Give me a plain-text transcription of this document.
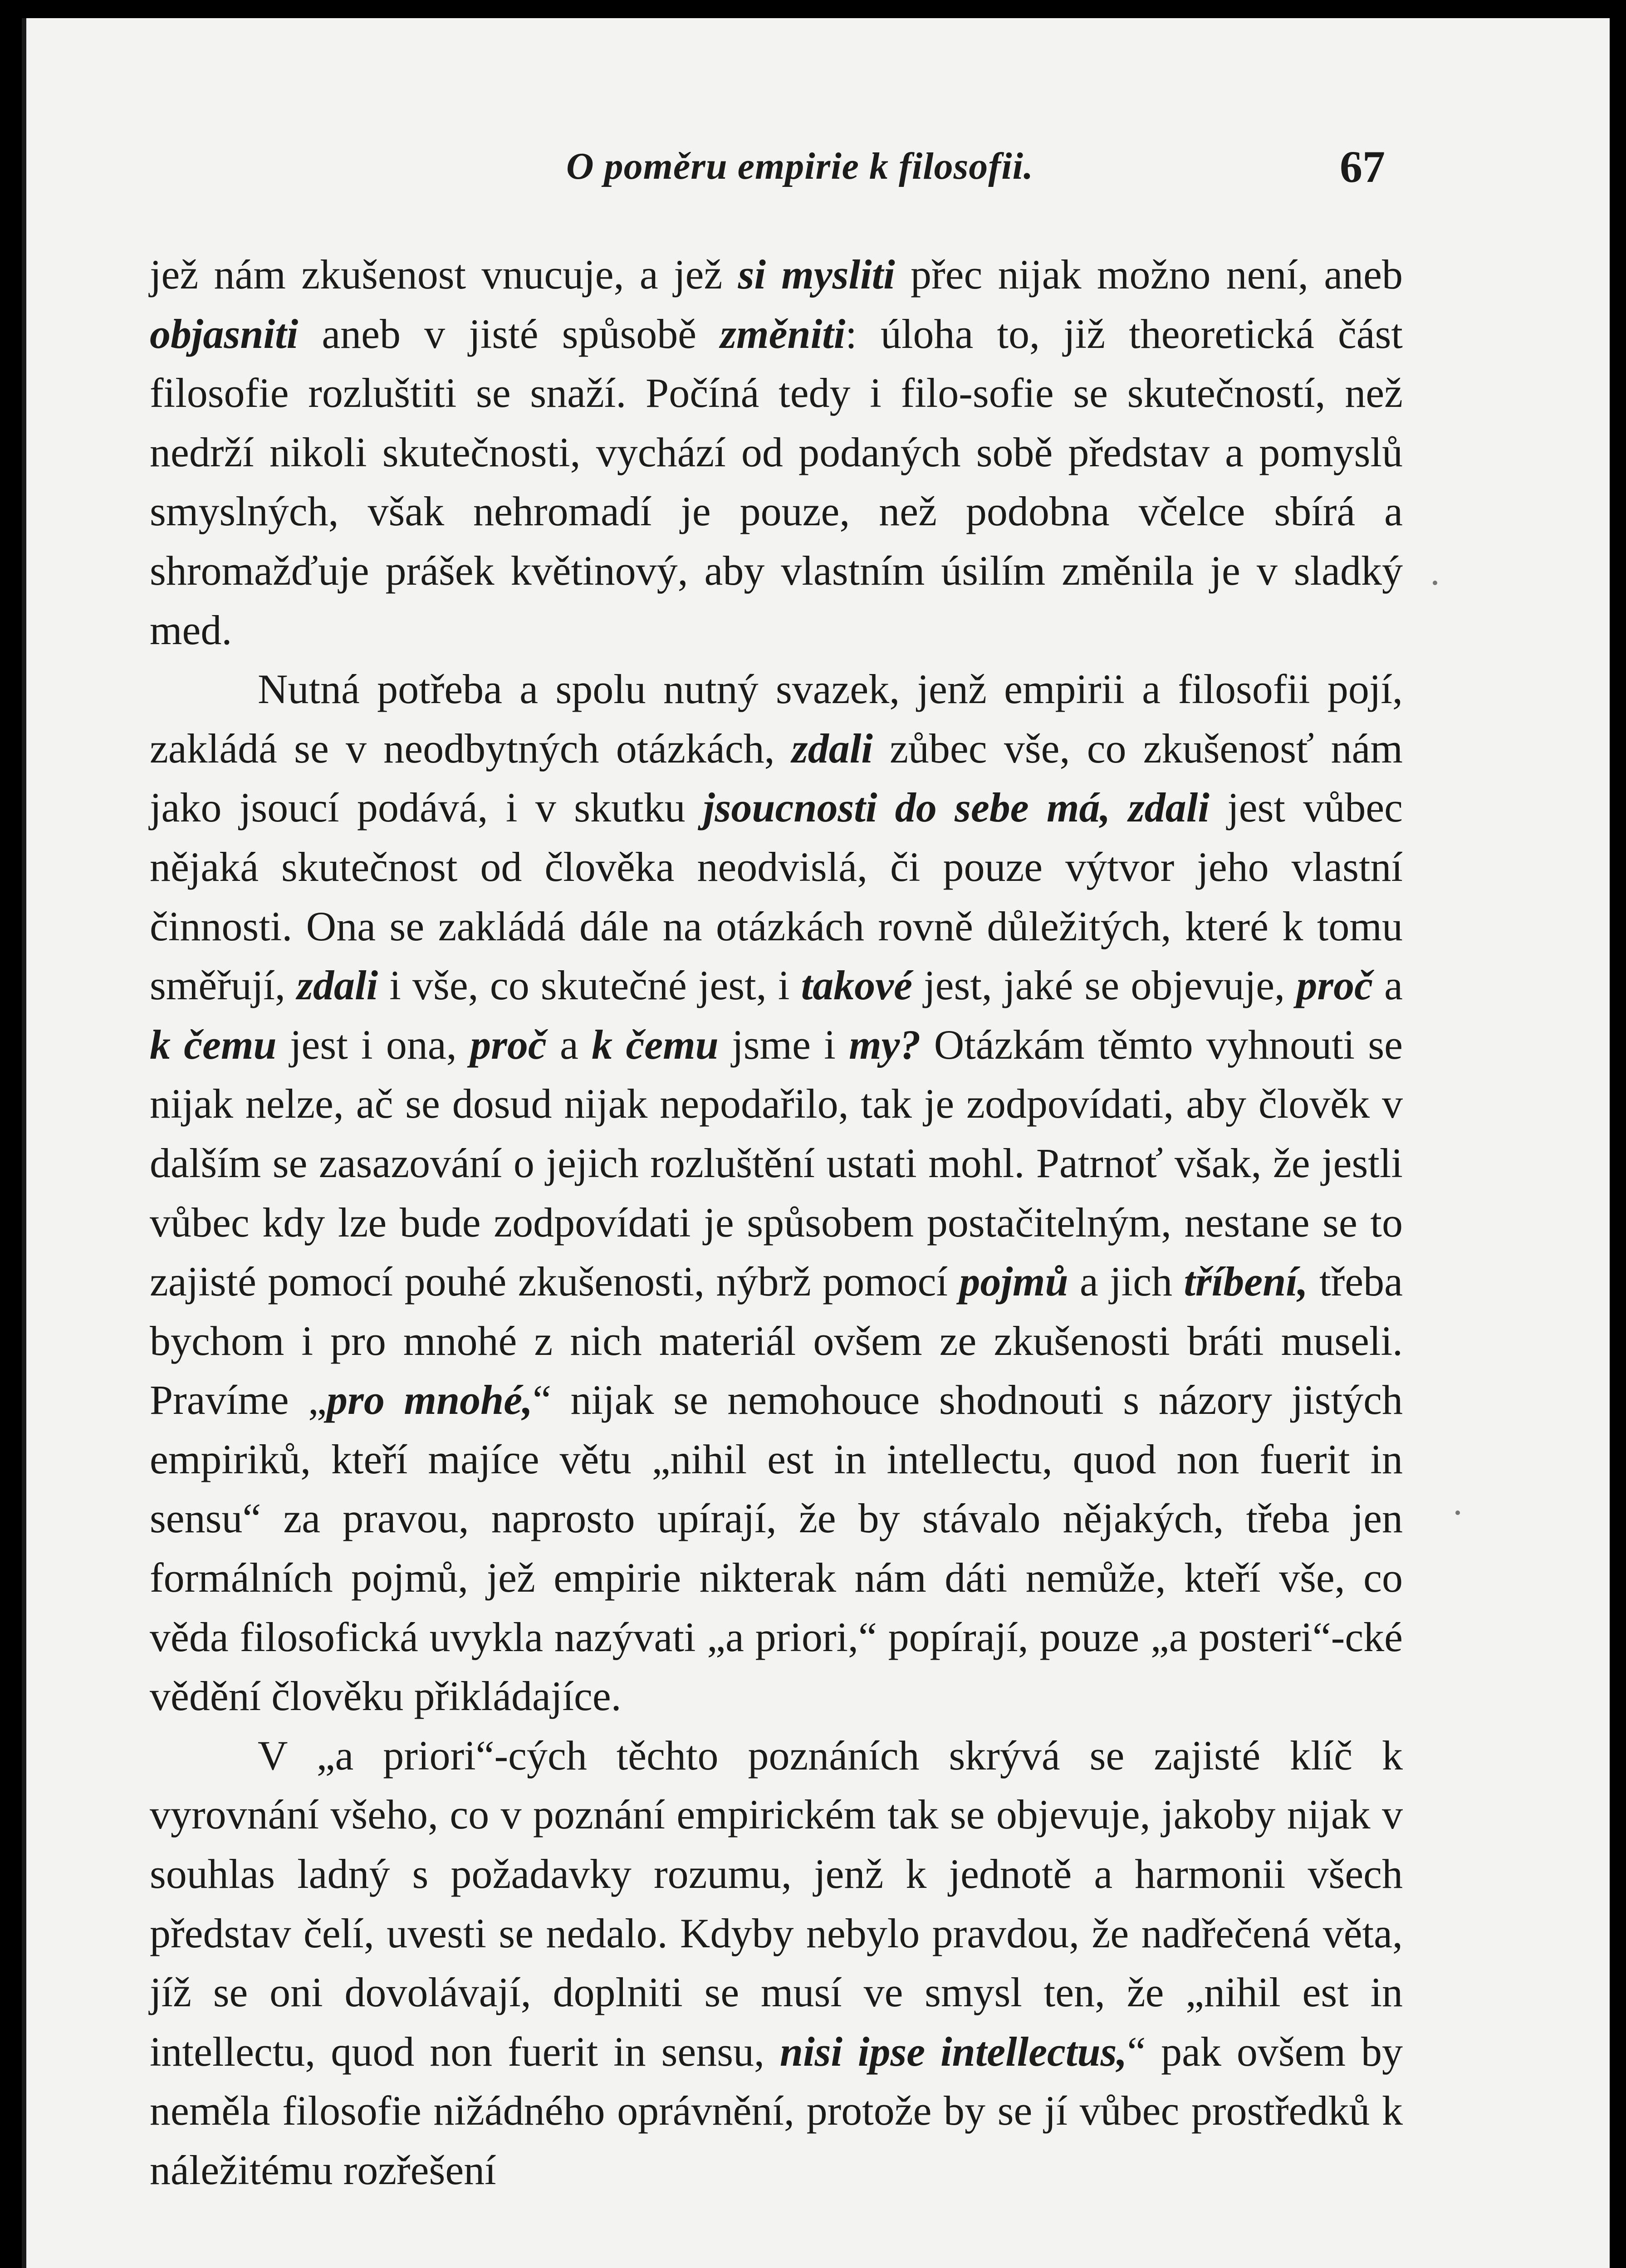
O poměru empirie k filosofii.	67

jež nám zkušenost vnucuje, a jež si mysliti přec nijak možno není, aneb objasniti aneb v jisté spůsobě změniti: úloha to, již theoretická část filosofie rozluštiti se snaží. Počíná tedy i filo-sofie se skutečností, než nedrží nikoli skutečnosti, vychází od podaných sobě představ a pomyslů smyslných, však nehromadí je pouze, než podobna včelce sbírá a shromažďuje prášek květinový, aby vlastním úsilím změnila je v sladký med.

Nutná potřeba a spolu nutný svazek, jenž empirii a filosofii pojí, zakládá se v neodbytných otázkách, zdali zůbec vše, co zkušenosť nám jako jsoucí podává, i v skutku jsoucnosti do sebe má, zdali jest vůbec nějaká skutečnost od člověka neodvislá, či pouze výtvor jeho vlastní činnosti. Ona se zakládá dále na otázkách rovně důležitých, které k tomu směřují, zdali i vše, co skutečné jest, i takové jest, jaké se objevuje, proč a k čemu jest i ona, proč a k čemu jsme i my? Otázkám těmto vyhnouti se nijak nelze, ač se dosud nijak nepodařilo, tak je zodpovídati, aby člověk v dalším se zasazování o jejich rozluštění ustati mohl. Patrnoť však, že jestli vůbec kdy lze bude zodpovídati je spůsobem postačitelným, nestane se to zajisté pomocí pouhé zkušenosti, nýbrž pomocí pojmů a jich tříbení, třeba bychom i pro mnohé z nich materiál ovšem ze zkušenosti bráti museli. Pravíme „pro mnohé,“ nijak se nemohouce shodnouti s názory jistých empiriků, kteří majíce větu „nihil est in intellectu, quod non fuerit in sensu“ za pravou, naprosto upírají, že by stávalo nějakých, třeba jen formálních pojmů, jež empirie nikterak nám dáti nemůže, kteří vše, co věda filosofická uvykla nazývati „a priori,“ popírají, pouze „a posteri“-cké vědění člověku přikládajíce.

V „a priori“-cých těchto poznáních skrývá se zajisté klíč k vyrovnání všeho, co v poznání empirickém tak se objevuje, jakoby nijak v souhlas ladný s požadavky rozumu, jenž k jednotě a harmonii všech představ čelí, uvesti se nedalo. Kdyby nebylo pravdou, že nadřečená věta, jíž se oni dovolávají, doplniti se musí ve smysl ten, že „nihil est in intellectu, quod non fuerit in sensu, nisi ipse intellectus,“ pak ovšem by neměla filosofie nižádného oprávnění, protože by se jí vůbec prostředků k náležitému rozřešení
